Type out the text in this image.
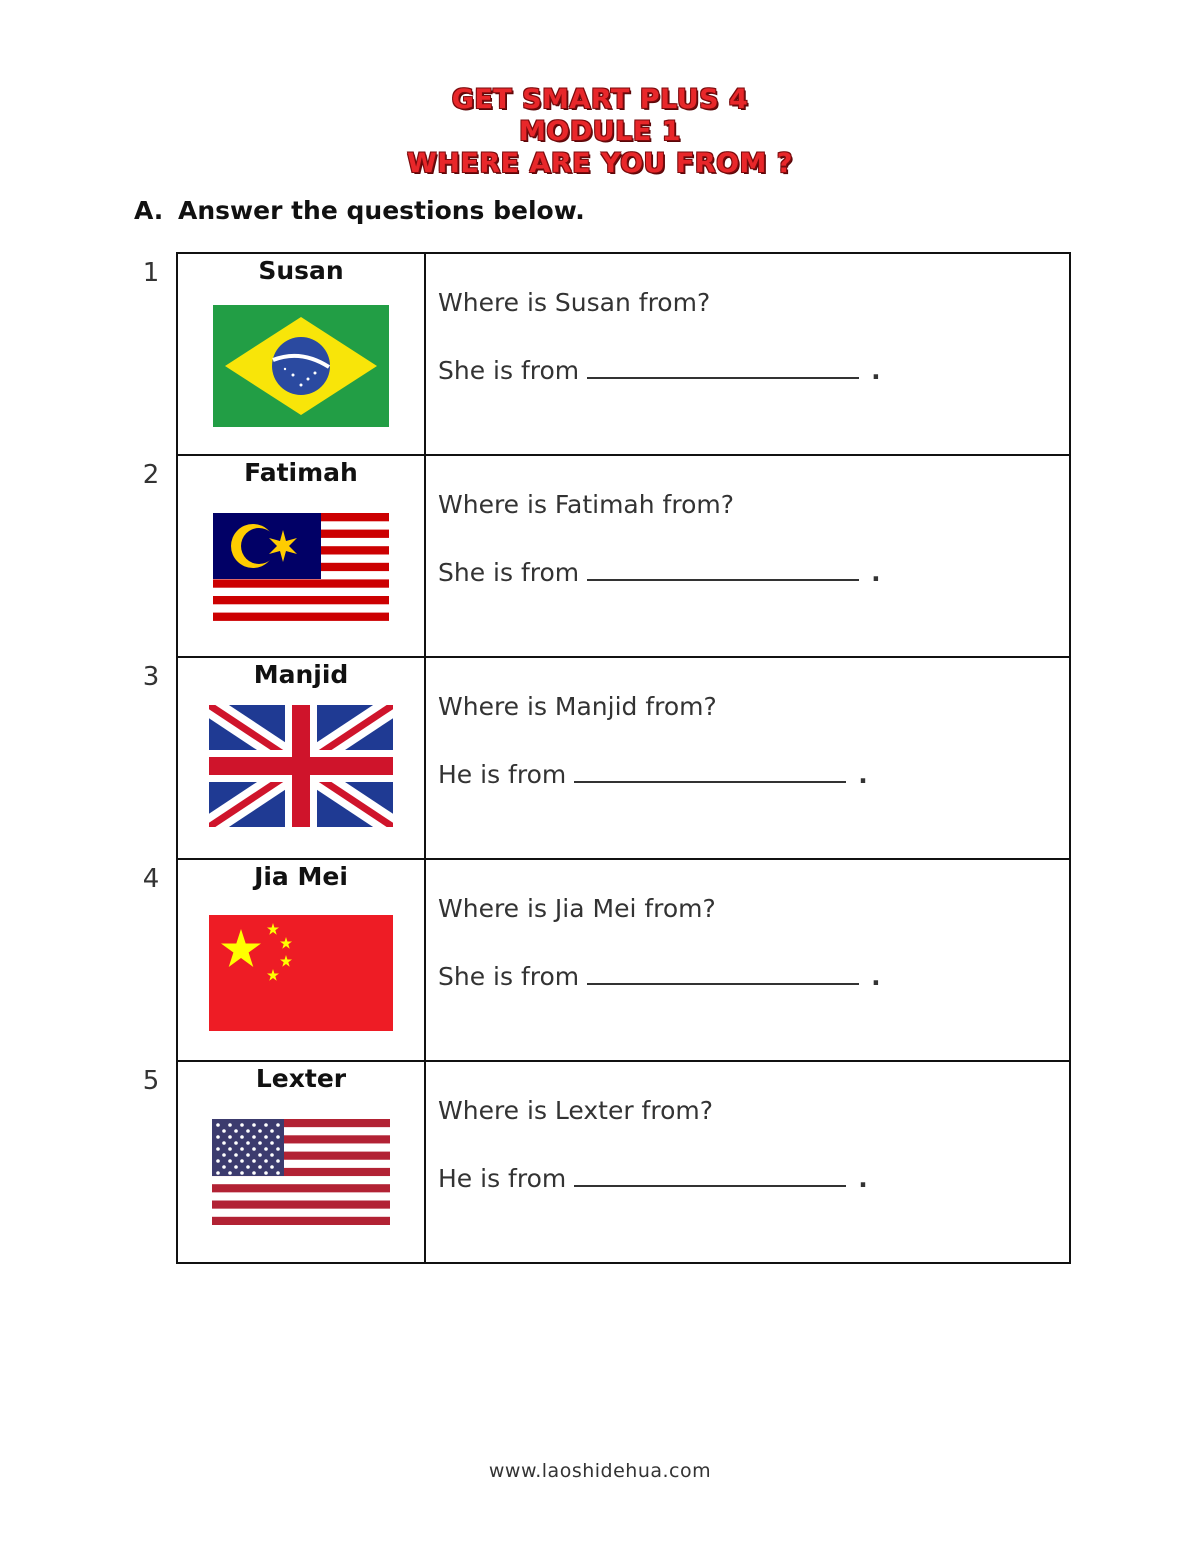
GET SMART PLUS 4
MODULE 1
WHERE ARE YOU FROM ?
A. Answer the questions below.
1 Susan	Where is Susan from?
She is from .

2 Fatimah	Where is Fatimah from?
She is from .

3 Manjid	Where is Manjid from?
He is from .

4 Jia Mei	Where is Jia Mei from?
She is from .

5 Lexter	Where is Lexter from?
He is from .
www.laoshidehua.com
